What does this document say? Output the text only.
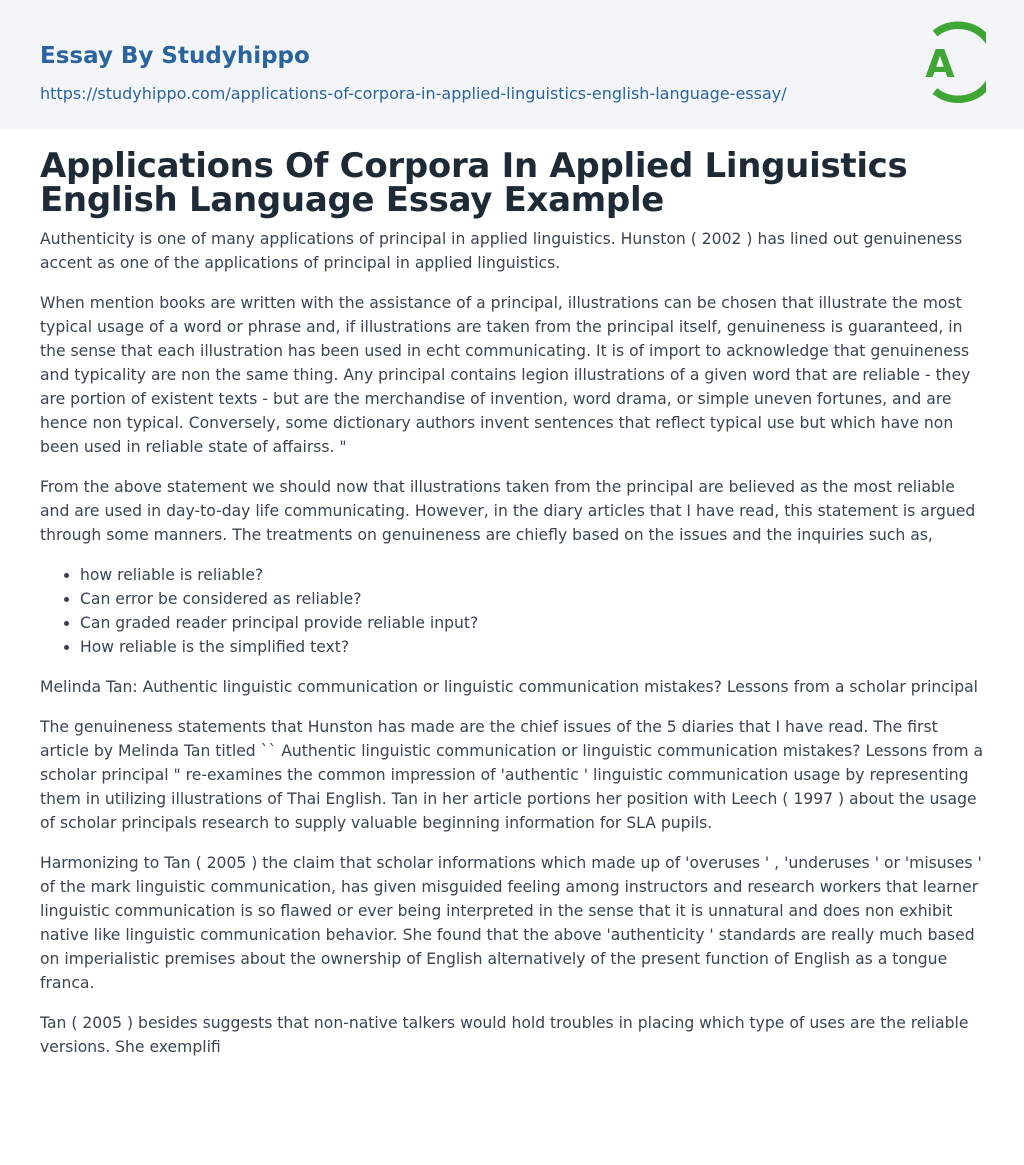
Essay By Studyhippo
https://studyhippo.com/applications-of-corpora-in-applied-linguistics-english-language-essay/
A
Applications Of Corpora In Applied Linguistics English Language Essay Example

Authenticity is one of many applications of principal in applied linguistics. Hunston ( 2002 ) has lined out genuineness accent as one of the applications of principal in applied linguistics.

When mention books are written with the assistance of a principal, illustrations can be chosen that illustrate the most typical usage of a word or phrase and, if illustrations are taken from the principal itself, genuineness is guaranteed, in the sense that each illustration has been used in echt communicating. It is of import to acknowledge that genuineness and typicality are non the same thing. Any principal contains legion illustrations of a given word that are reliable - they are portion of existent texts - but are the merchandise of invention, word drama, or simple uneven fortunes, and are hence non typical. Conversely, some dictionary authors invent sentences that reflect typical use but which have non been used in reliable state of affairss. "

From the above statement we should now that illustrations taken from the principal are believed as the most reliable and are used in day-to-day life communicating. However, in the diary articles that I have read, this statement is argued through some manners. The treatments on genuineness are chiefly based on the issues and the inquiries such as,

• how reliable is reliable?
• Can error be considered as reliable?
• Can graded reader principal provide reliable input?
• How reliable is the simplified text?

Melinda Tan: Authentic linguistic communication or linguistic communication mistakes? Lessons from a scholar principal

The genuineness statements that Hunston has made are the chief issues of the 5 diaries that I have read. The first article by Melinda Tan titled `` Authentic linguistic communication or linguistic communication mistakes? Lessons from a scholar principal " re-examines the common impression of 'authentic ' linguistic communication usage by representing them in utilizing illustrations of Thai English. Tan in her article portions her position with Leech ( 1997 ) about the usage of scholar principals research to supply valuable beginning information for SLA pupils.

Harmonizing to Tan ( 2005 ) the claim that scholar informations which made up of 'overuses ' , 'underuses ' or 'misuses ' of the mark linguistic communication, has given misguided feeling among instructors and research workers that learner linguistic communication is so flawed or ever being interpreted in the sense that it is unnatural and does non exhibit native like linguistic communication behavior. She found that the above 'authenticity ' standards are really much based on imperialistic premises about the ownership of English alternatively of the present function of English as a tongue franca.

Tan ( 2005 ) besides suggests that non-native talkers would hold troubles in placing which type of uses are the reliable versions. She exemplifi
